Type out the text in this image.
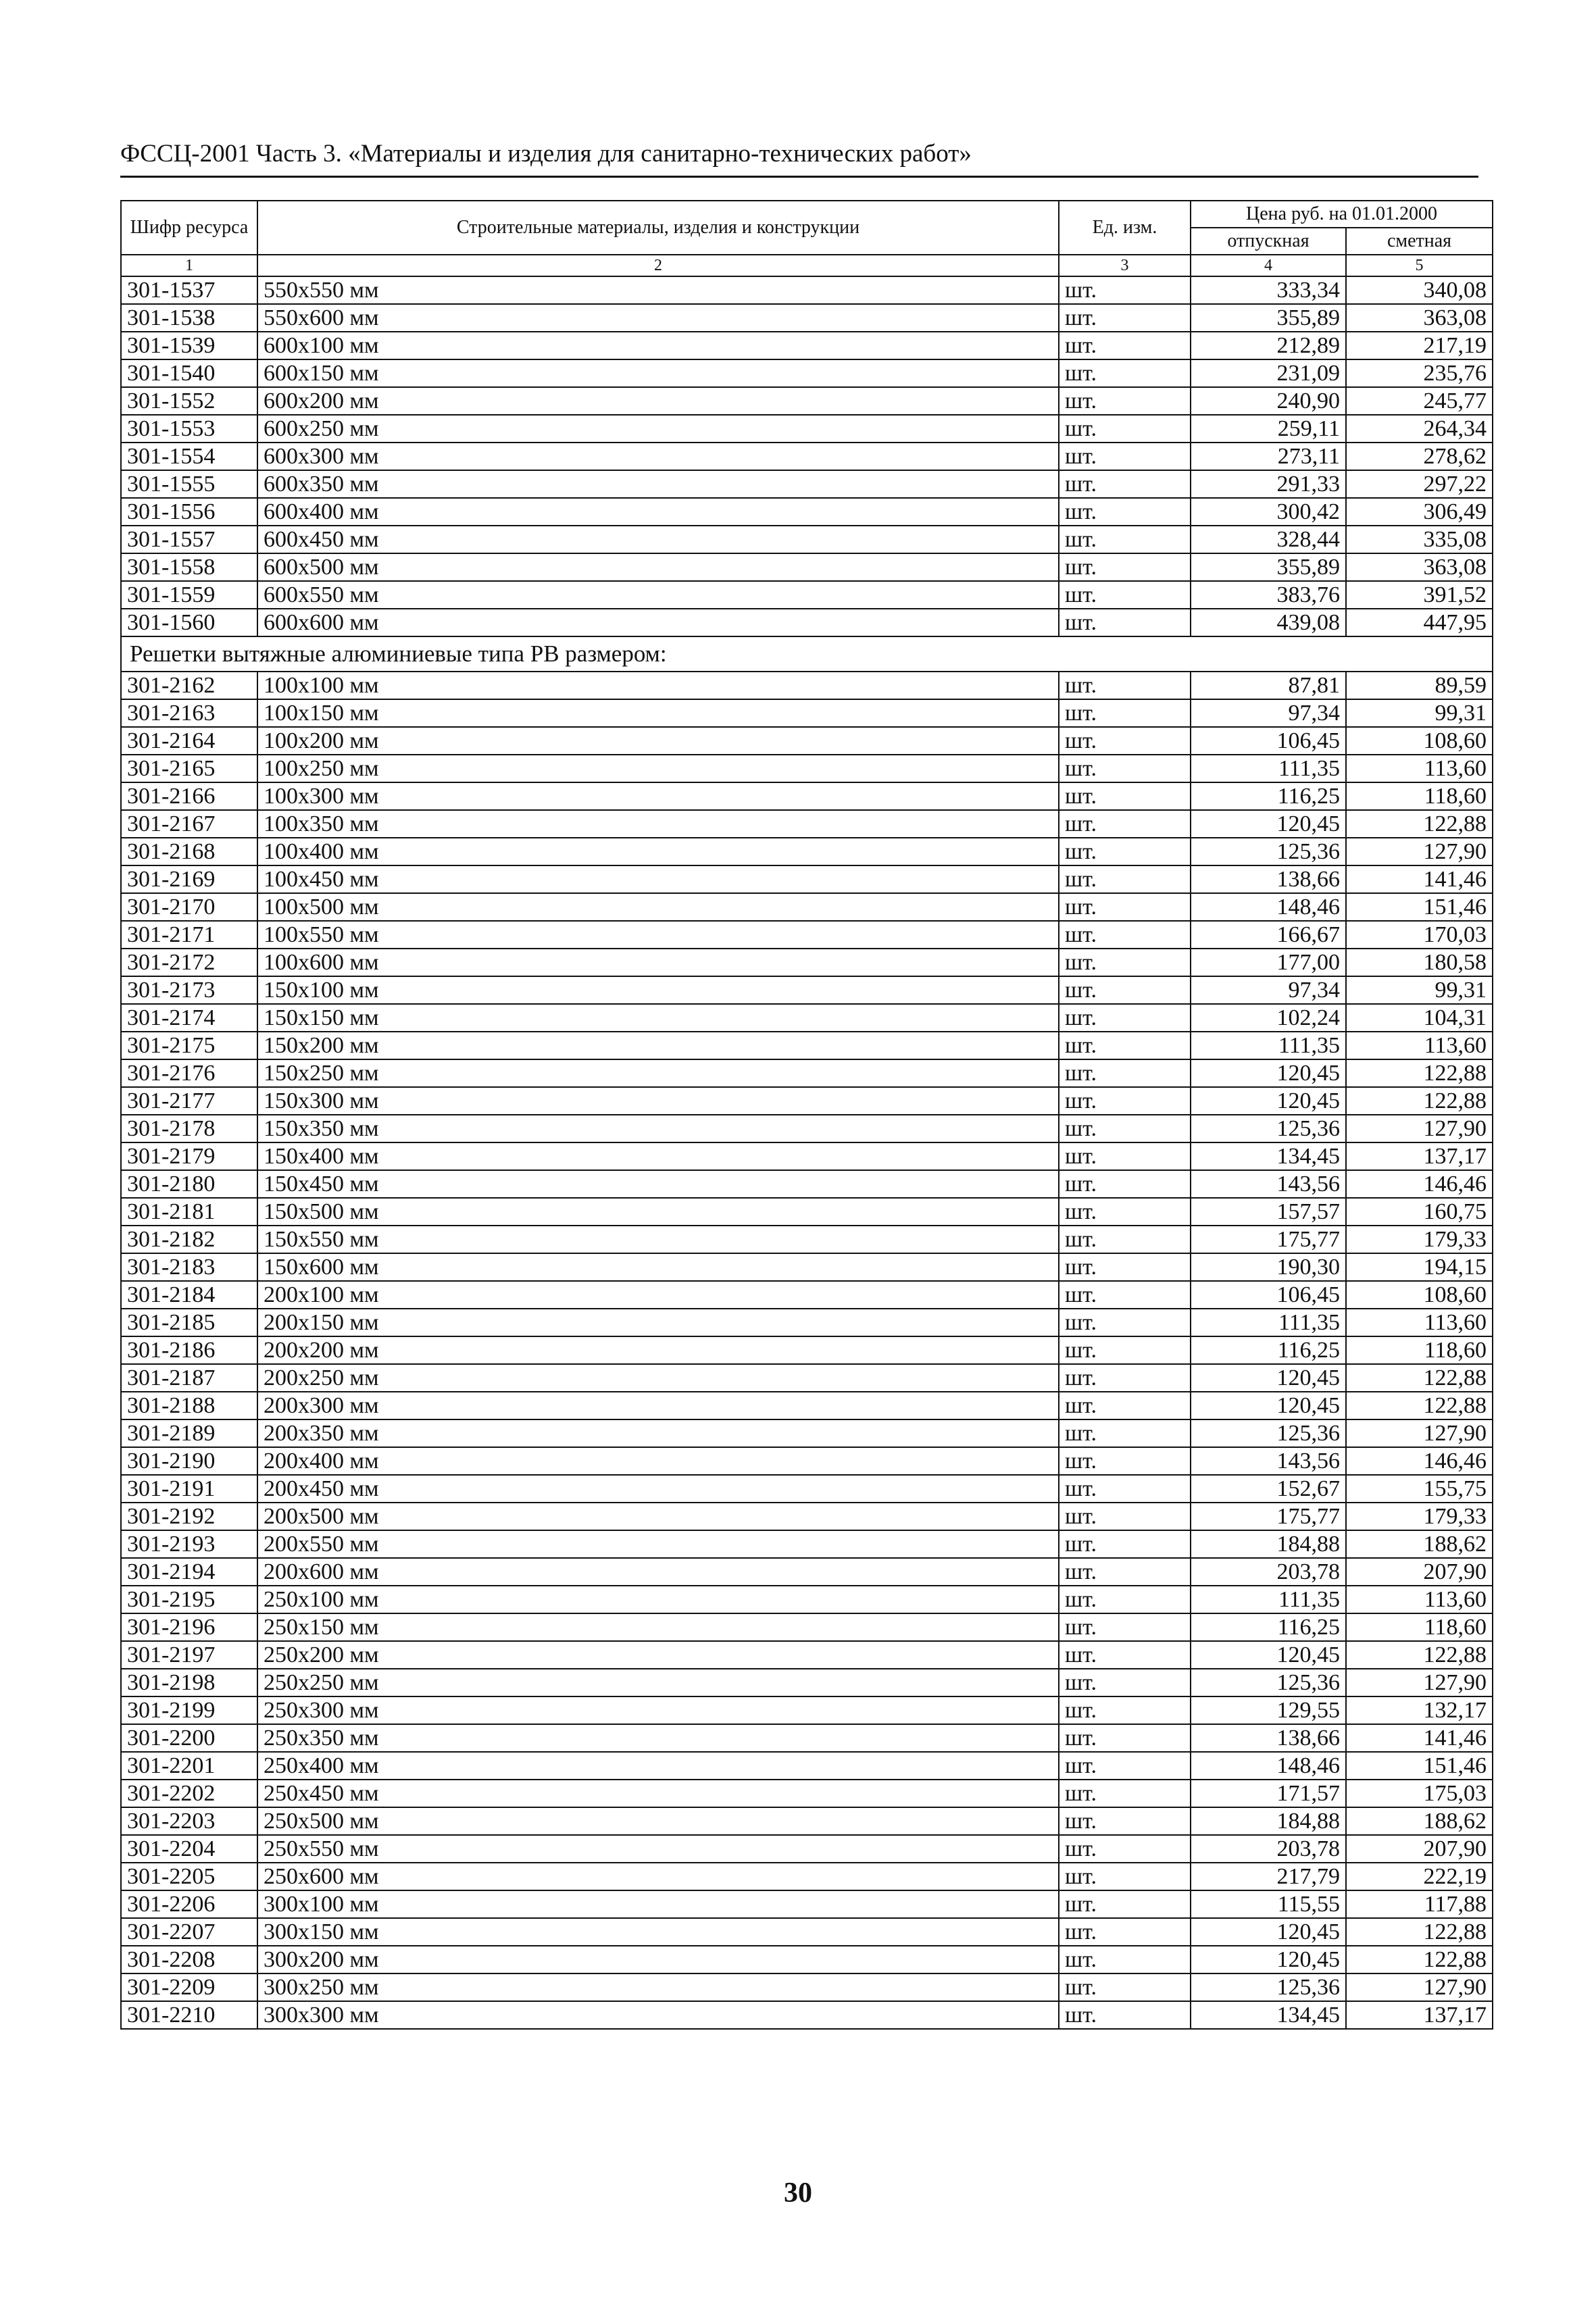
ФССЦ-2001 Часть 3. «Материалы и изделия для санитарно-технических работ»
Шифр ресурса	Строительные материалы, изделия и конструкции	Ед. изм.	Цена руб. на 01.01.2000	
			отпускная	сметная
1	2	3	4	5
301-1537	550x550 мм	шт.	333,34	340,08
301-1538	550x600 мм	шт.	355,89	363,08
301-1539	600x100 мм	шт.	212,89	217,19
301-1540	600x150 мм	шт.	231,09	235,76
301-1552	600x200 мм	шт.	240,90	245,77
301-1553	600x250 мм	шт.	259,11	264,34
301-1554	600x300 мм	шт.	273,11	278,62
301-1555	600x350 мм	шт.	291,33	297,22
301-1556	600x400 мм	шт.	300,42	306,49
301-1557	600x450 мм	шт.	328,44	335,08
301-1558	600x500 мм	шт.	355,89	363,08
301-1559	600x550 мм	шт.	383,76	391,52
301-1560	600x600 мм	шт.	439,08	447,95
Решетки вытяжные алюминиевые типа РВ размером:				
301-2162	100x100 мм	шт.	87,81	89,59
301-2163	100x150 мм	шт.	97,34	99,31
301-2164	100x200 мм	шт.	106,45	108,60
301-2165	100x250 мм	шт.	111,35	113,60
301-2166	100x300 мм	шт.	116,25	118,60
301-2167	100x350 мм	шт.	120,45	122,88
301-2168	100x400 мм	шт.	125,36	127,90
301-2169	100x450 мм	шт.	138,66	141,46
301-2170	100x500 мм	шт.	148,46	151,46
301-2171	100x550 мм	шт.	166,67	170,03
301-2172	100x600 мм	шт.	177,00	180,58
301-2173	150x100 мм	шт.	97,34	99,31
301-2174	150x150 мм	шт.	102,24	104,31
301-2175	150x200 мм	шт.	111,35	113,60
301-2176	150x250 мм	шт.	120,45	122,88
301-2177	150x300 мм	шт.	120,45	122,88
301-2178	150x350 мм	шт.	125,36	127,90
301-2179	150x400 мм	шт.	134,45	137,17
301-2180	150x450 мм	шт.	143,56	146,46
301-2181	150x500 мм	шт.	157,57	160,75
301-2182	150x550 мм	шт.	175,77	179,33
301-2183	150x600 мм	шт.	190,30	194,15
301-2184	200x100 мм	шт.	106,45	108,60
301-2185	200x150 мм	шт.	111,35	113,60
301-2186	200x200 мм	шт.	116,25	118,60
301-2187	200x250 мм	шт.	120,45	122,88
301-2188	200x300 мм	шт.	120,45	122,88
301-2189	200x350 мм	шт.	125,36	127,90
301-2190	200x400 мм	шт.	143,56	146,46
301-2191	200x450 мм	шт.	152,67	155,75
301-2192	200x500 мм	шт.	175,77	179,33
301-2193	200x550 мм	шт.	184,88	188,62
301-2194	200x600 мм	шт.	203,78	207,90
301-2195	250x100 мм	шт.	111,35	113,60
301-2196	250x150 мм	шт.	116,25	118,60
301-2197	250x200 мм	шт.	120,45	122,88
301-2198	250x250 мм	шт.	125,36	127,90
301-2199	250x300 мм	шт.	129,55	132,17
301-2200	250x350 мм	шт.	138,66	141,46
301-2201	250x400 мм	шт.	148,46	151,46
301-2202	250x450 мм	шт.	171,57	175,03
301-2203	250x500 мм	шт.	184,88	188,62
301-2204	250x550 мм	шт.	203,78	207,90
301-2205	250x600 мм	шт.	217,79	222,19
301-2206	300x100 мм	шт.	115,55	117,88
301-2207	300x150 мм	шт.	120,45	122,88
301-2208	300x200 мм	шт.	120,45	122,88
301-2209	300x250 мм	шт.	125,36	127,90
301-2210	300x300 мм	шт.	134,45	137,17
30
